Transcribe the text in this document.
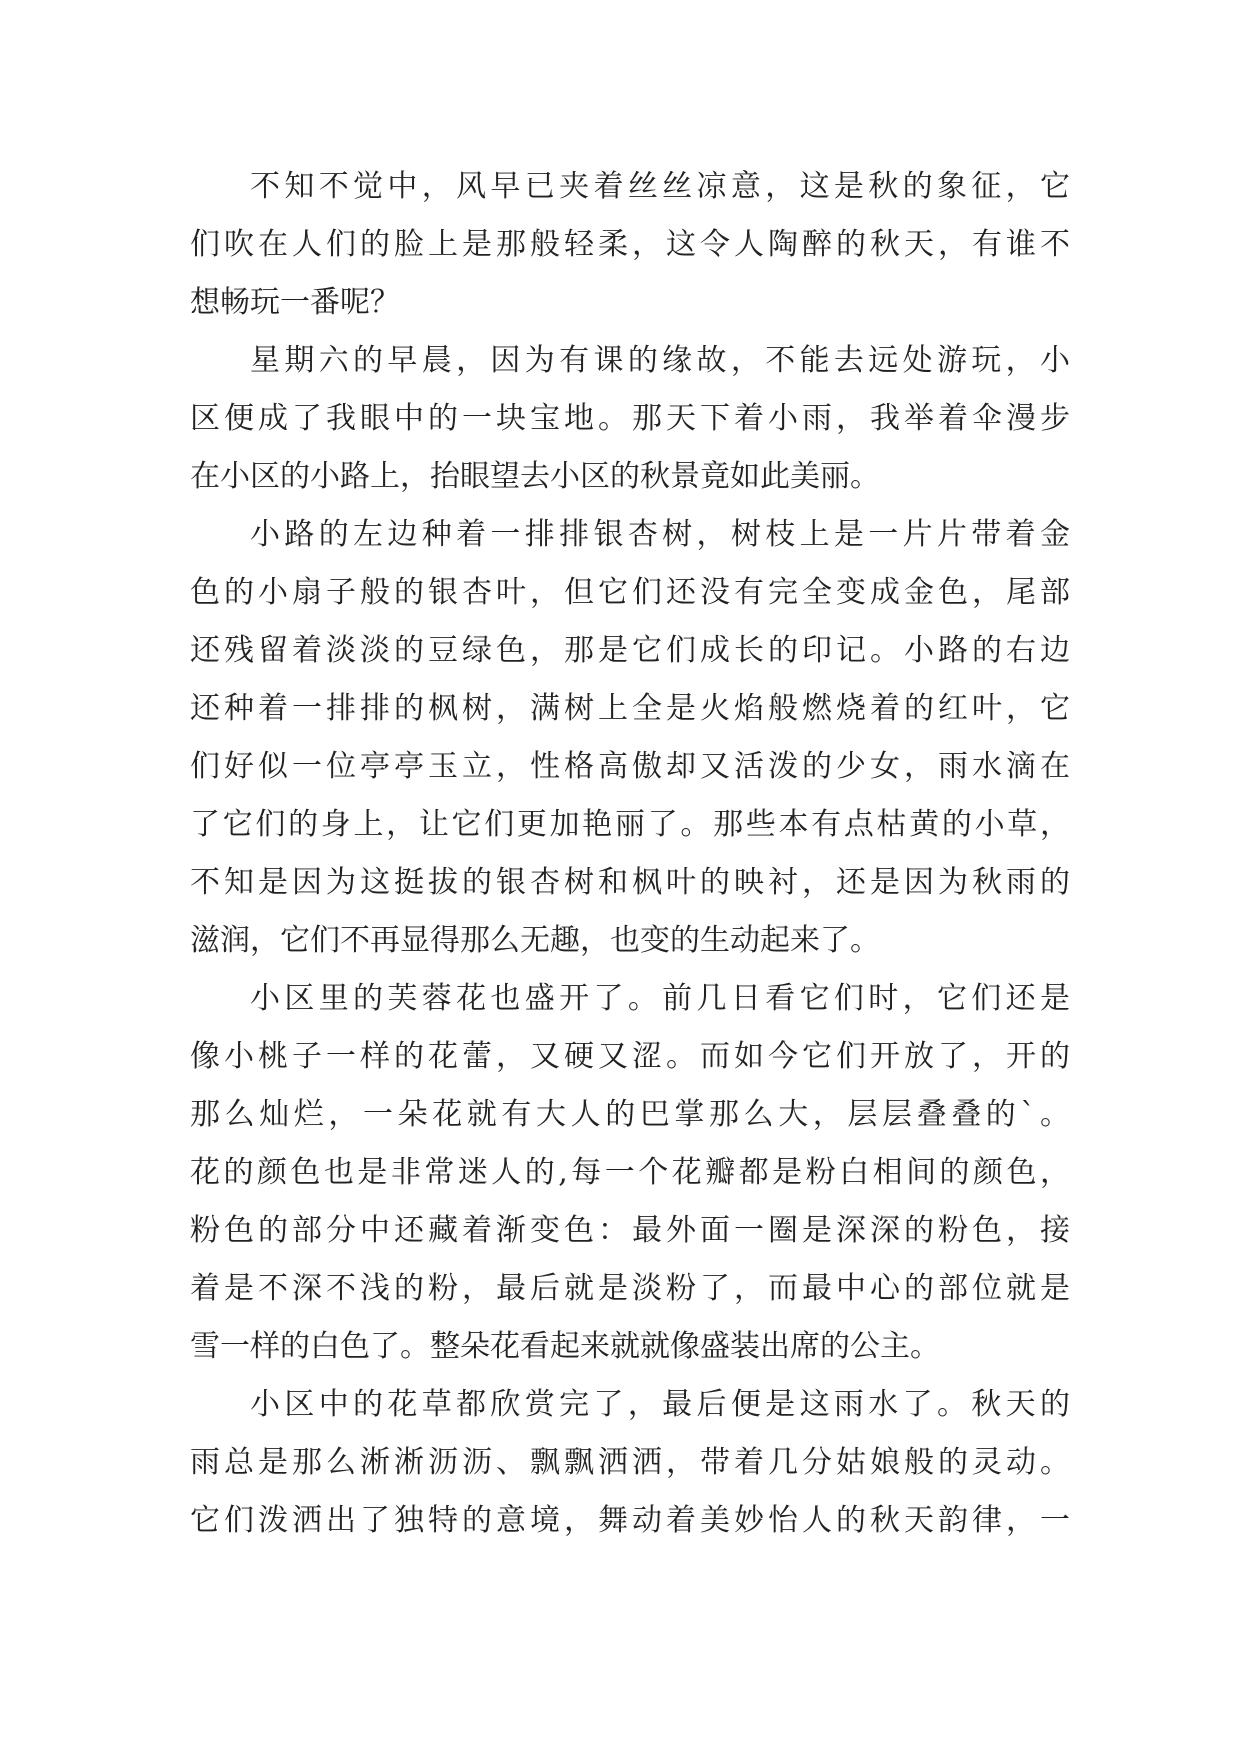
不知不觉中，风早已夹着丝丝凉意，这是秋的象征，它
们吹在人们的脸上是那般轻柔，这令人陶醉的秋天，有谁不
想畅玩一番呢？
星期六的早晨，因为有课的缘故，不能去远处游玩，小
区便成了我眼中的一块宝地。那天下着小雨，我举着伞漫步
在小区的小路上，抬眼望去小区的秋景竟如此美丽。
小路的左边种着一排排银杏树，树枝上是一片片带着金
色的小扇子般的银杏叶，但它们还没有完全变成金色，尾部
还残留着淡淡的豆绿色，那是它们成长的印记。小路的右边
还种着一排排的枫树，满树上全是火焰般燃烧着的红叶，它
们好似一位亭亭玉立，性格高傲却又活泼的少女，雨水滴在
了它们的身上，让它们更加艳丽了。那些本有点枯黄的小草，
不知是因为这挺拔的银杏树和枫叶的映衬，还是因为秋雨的
滋润，它们不再显得那么无趣，也变的生动起来了。
小区里的芙蓉花也盛开了。前几日看它们时，它们还是
像小桃子一样的花蕾，又硬又涩。而如今它们开放了，开的
那么灿烂，一朵花就有大人的巴掌那么大，层层叠叠的`。
花的颜色也是非常迷人的,每一个花瓣都是粉白相间的颜色，
粉色的部分中还藏着渐变色：最外面一圈是深深的粉色，接
着是不深不浅的粉，最后就是淡粉了，而最中心的部位就是
雪一样的白色了。整朵花看起来就就像盛装出席的公主。
小区中的花草都欣赏完了，最后便是这雨水了。秋天的
雨总是那么淅淅沥沥、飘飘洒洒，带着几分姑娘般的灵动。
它们泼洒出了独特的意境，舞动着美妙怡人的秋天韵律，一
